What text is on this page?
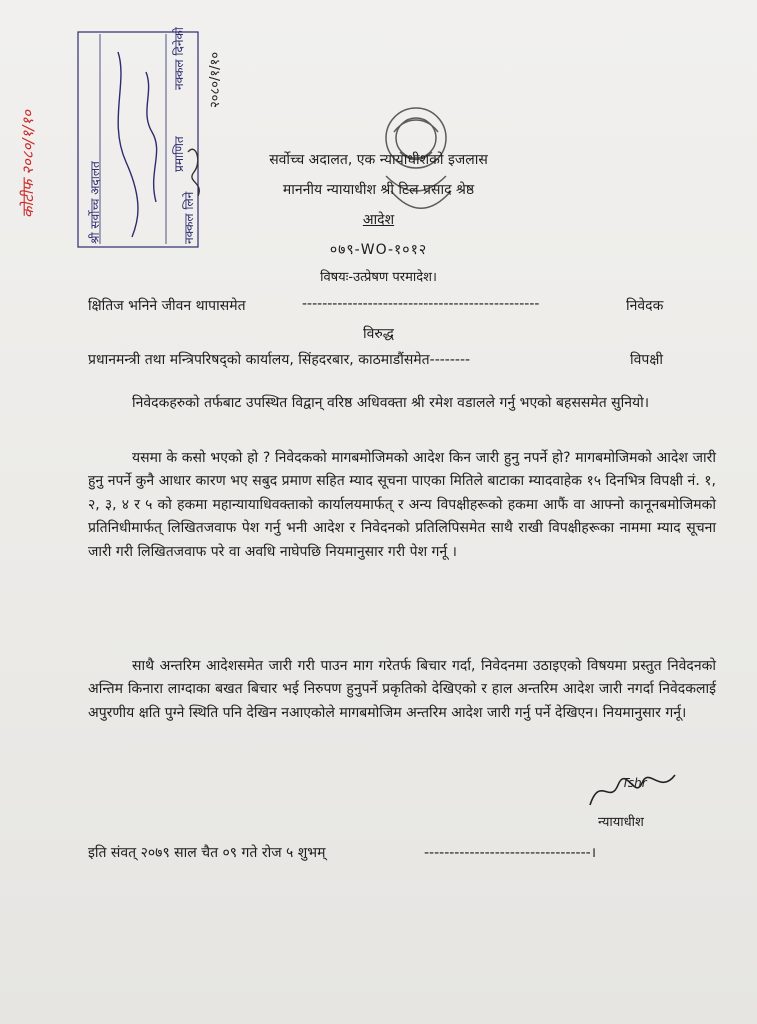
श्री सर्वोच्च अदालत
नक्कल दिनेको
प्रमाणित
नक्कल लिने
२०८०/१/१०
कोटीफ २०८०/१/१०	सर्वोच्च अदालत, एक न्यायाधीशको इजलास
माननीय न्यायाधीश श्री टिल प्रसाद श्रेष्ठ
आदेश
०७९-WO-१०१२
विषयः-उत्प्रेषण परमादेश।
क्षितिज भनिने जीवन थापासमेत	-----------------------------------------------	निवेदक
विरुद्ध
प्रधानमन्त्री तथा मन्त्रिपरिषद्को कार्यालय, सिंहदरबार, काठमाडौंसमेत--------	विपक्षी
निवेदकहरुको तर्फबाट उपस्थित विद्वान् वरिष्ठ अधिवक्ता श्री रमेश वडालले गर्नु भएको बहससमेत सुनियो।
यसमा के कसो भएको हो ? निवेदकको मागबमोजिमको आदेश किन जारी हुनु नपर्ने हो? मागबमोजिमको आदेश जारी हुनु नपर्ने कुनै आधार कारण भए सबुद प्रमाण सहित म्याद सूचना पाएका मितिले बाटाका म्यादवाहेक १५ दिनभित्र विपक्षी नं. १, २, ३, ४ र ५ को हकमा महान्यायाधिवक्ताको कार्यालयमार्फत् र अन्य विपक्षीहरूको हकमा आफैं वा आफ्नो कानूनबमोजिमको प्रतिनिधीमार्फत् लिखितजवाफ पेश गर्नु भनी आदेश र निवेदनको प्रतिलिपिसमेत साथै राखी विपक्षीहरूका नाममा म्याद सूचना जारी गरी लिखितजवाफ परे वा अवधि नाघेपछि नियमानुसार गरी पेश गर्नू ।
साथै अन्तरिम आदेशसमेत जारी गरी पाउन माग गरेतर्फ बिचार गर्दा, निवेदनमा उठाइएको विषयमा प्रस्तुत निवेदनको अन्तिम किनारा लाग्दाका बखत बिचार भई निरुपण हुनुपर्ने प्रकृतिको देखिएको र हाल अन्तरिम आदेश जारी नगर्दा निवेदकलाई अपुरणीय क्षति पुग्ने स्थिति पनि देखिन नआएकोले मागबमोजिम अन्तरिम आदेश जारी गर्नु पर्ने देखिएन। नियमानुसार गर्नू।
Tshr
न्यायाधीश
इति संवत् २०७९ साल चैत ०९ गते रोज ५ शुभम्	---------------------------------।
